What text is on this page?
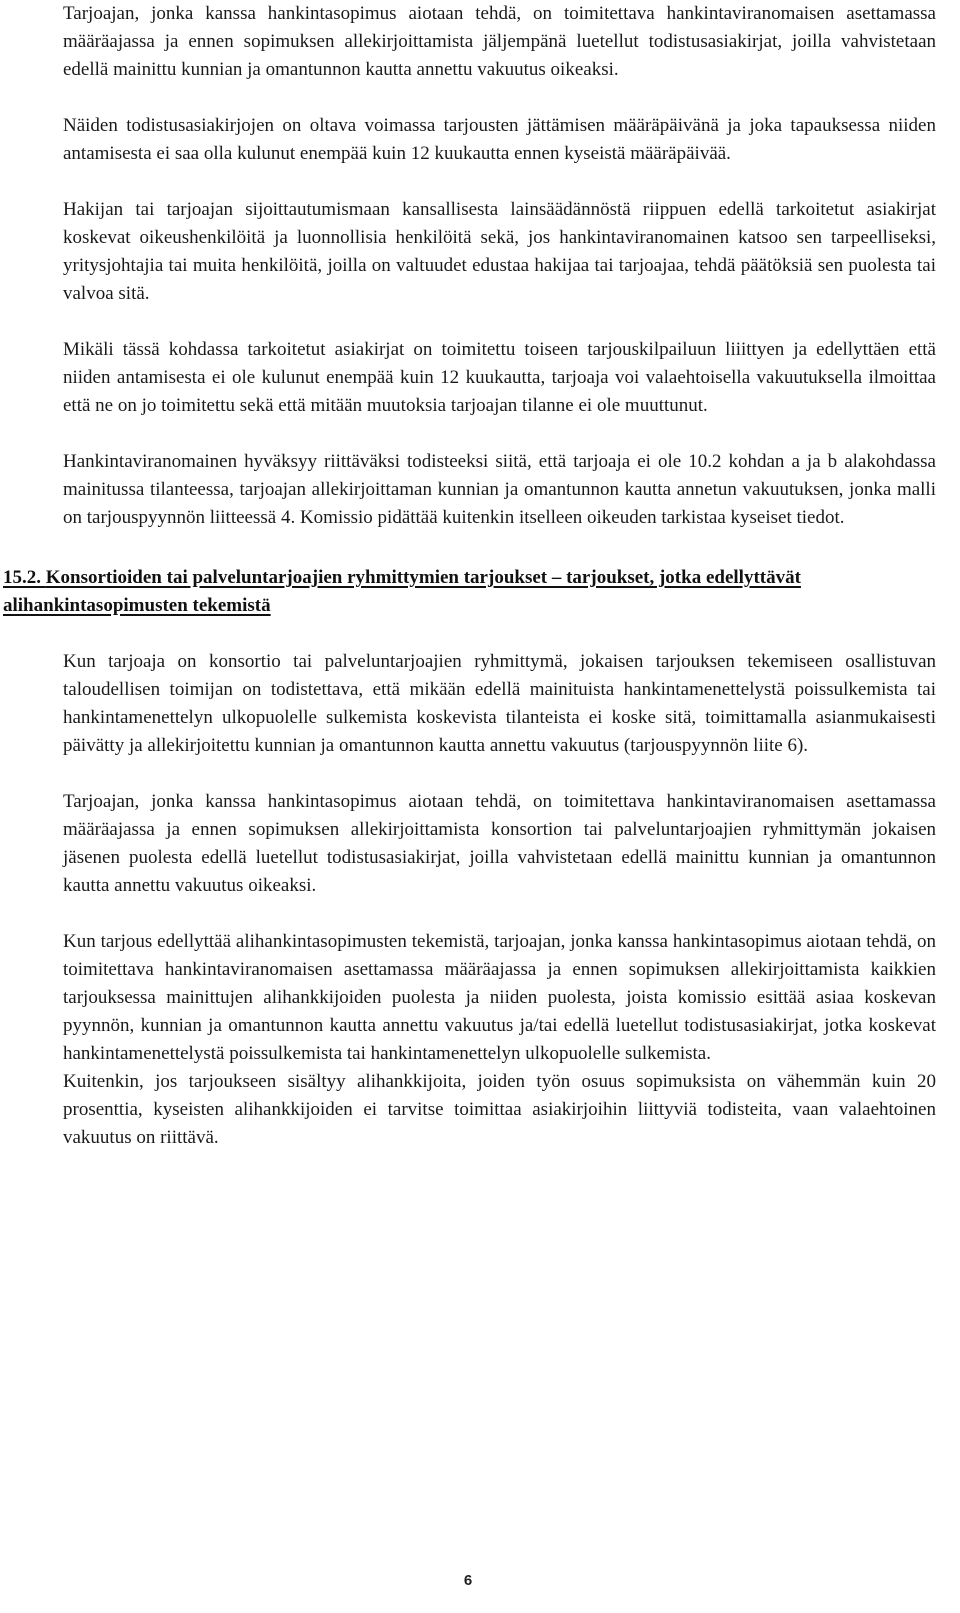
Tarjoajan, jonka kanssa hankintasopimus aiotaan tehdä, on toimitettava hankintaviranomaisen asettamassa määräajassa ja ennen sopimuksen allekirjoittamista jäljempänä luetellut todistusasiakirjat, joilla vahvistetaan edellä mainittu kunnian ja omantunnon kautta annettu vakuutus oikeaksi.

Näiden todistusasiakirjojen on oltava voimassa tarjousten jättämisen määräpäivänä ja joka tapauksessa niiden antamisesta ei saa olla kulunut enempää kuin 12 kuukautta ennen kyseistä määräpäivää.

Hakijan tai tarjoajan sijoittautumismaan kansallisesta lainsäädännöstä riippuen edellä tarkoitetut asiakirjat koskevat oikeushenkilöitä ja luonnollisia henkilöitä sekä, jos hankintaviranomainen katsoo sen tarpeelliseksi, yritysjohtajia tai muita henkilöitä, joilla on valtuudet edustaa hakijaa tai tarjoajaa, tehdä päätöksiä sen puolesta tai valvoa sitä.

Mikäli tässä kohdassa tarkoitetut asiakirjat on toimitettu toiseen tarjouskilpailuun liiittyen ja edellyttäen että niiden antamisesta ei ole kulunut enempää kuin 12 kuukautta, tarjoaja voi valaehtoisella vakuutuksella ilmoittaa että ne on jo toimitettu sekä että mitään muutoksia tarjoajan tilanne ei ole muuttunut.

Hankintaviranomainen hyväksyy riittäväksi todisteeksi siitä, että tarjoaja ei ole 10.2 kohdan a ja b alakohdassa mainitussa tilanteessa, tarjoajan allekirjoittaman kunnian ja omantunnon kautta annetun vakuutuksen, jonka malli on tarjouspyynnön liitteessä 4. Komissio pidättää kuitenkin itselleen oikeuden tarkistaa kyseiset tiedot.

15.2. Konsortioiden tai palveluntarjoajien ryhmittymien tarjoukset – tarjoukset, jotka edellyttävät alihankintasopimusten tekemistä

Kun tarjoaja on konsortio tai palveluntarjoajien ryhmittymä, jokaisen tarjouksen tekemiseen osallistuvan taloudellisen toimijan on todistettava, että mikään edellä mainituista hankintamenettelystä poissulkemista tai hankintamenettelyn ulkopuolelle sulkemista koskevista tilanteista ei koske sitä, toimittamalla asianmukaisesti päivätty ja allekirjoitettu kunnian ja omantunnon kautta annettu vakuutus (tarjouspyynnön liite 6).

Tarjoajan, jonka kanssa hankintasopimus aiotaan tehdä, on toimitettava hankintaviranomaisen asettamassa määräajassa ja ennen sopimuksen allekirjoittamista konsortion tai palveluntarjoajien ryhmittymän jokaisen jäsenen puolesta edellä luetellut todistusasiakirjat, joilla vahvistetaan edellä mainittu kunnian ja omantunnon kautta annettu vakuutus oikeaksi.

Kun tarjous edellyttää alihankintasopimusten tekemistä, tarjoajan, jonka kanssa hankintasopimus aiotaan tehdä, on toimitettava hankintaviranomaisen asettamassa määräajassa ja ennen sopimuksen allekirjoittamista kaikkien tarjouksessa mainittujen alihankkijoiden puolesta ja niiden puolesta, joista komissio esittää asiaa koskevan pyynnön, kunnian ja omantunnon kautta annettu vakuutus ja/tai edellä luetellut todistusasiakirjat, jotka koskevat hankintamenettelystä poissulkemista tai hankintamenettelyn ulkopuolelle sulkemista.

Kuitenkin, jos tarjoukseen sisältyy alihankkijoita, joiden työn osuus sopimuksista on vähemmän kuin 20 prosenttia, kyseisten alihankkijoiden ei tarvitse toimittaa asiakirjoihin liittyviä todisteita, vaan valaehtoinen vakuutus on riittävä.

6
